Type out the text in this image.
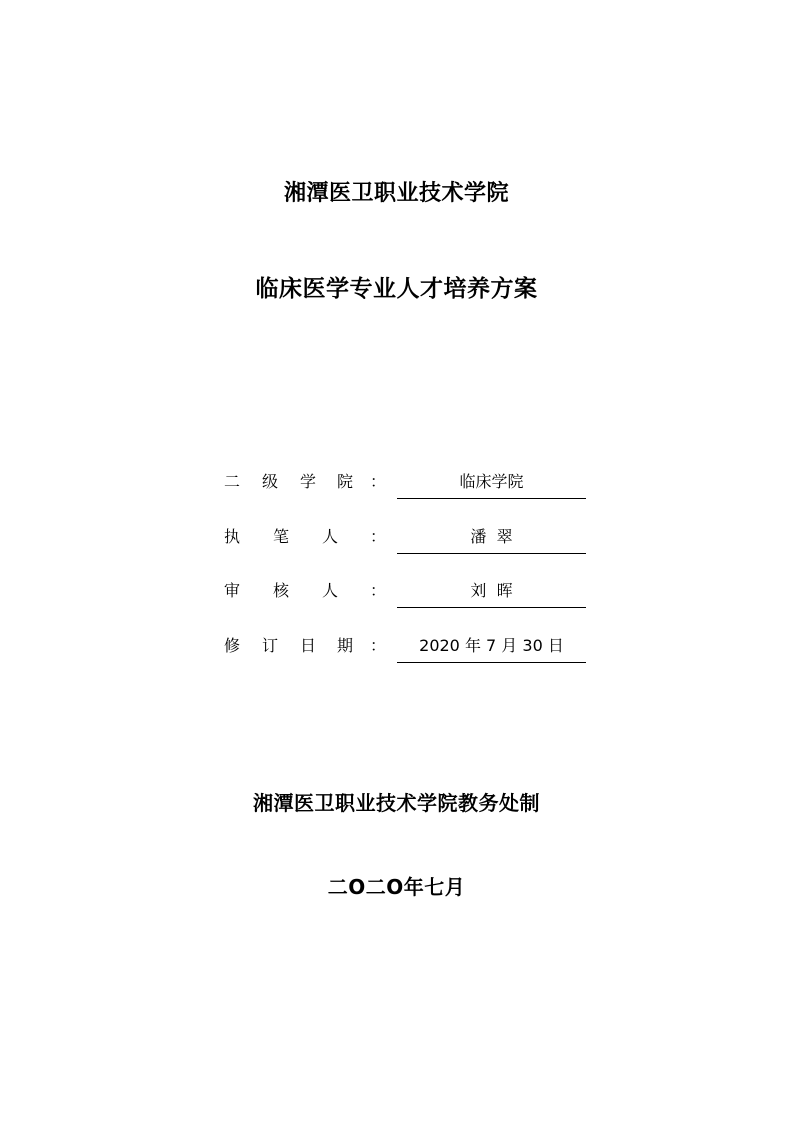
湘潭医卫职业技术学院
临床医学专业人才培养方案
二 级 学 院 ：	临床学院
执 笔 人 ：	潘  翠
审 核 人 ：	刘  晖
修 订 日 期 ：	2020 年 7 月 30 日
湘潭医卫职业技术学院教务处制
二O二O年七月
